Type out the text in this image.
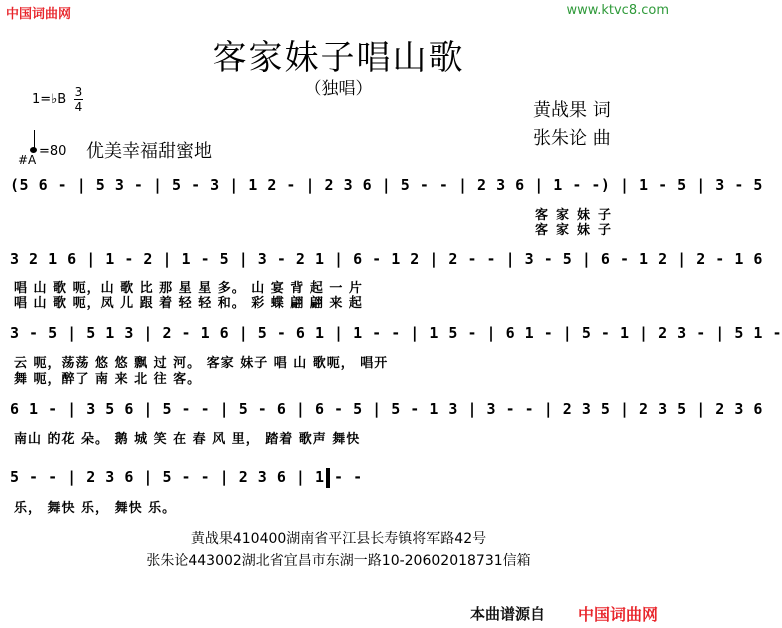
中国词曲网	www.ktvc8.com
客家妹子唱山歌
（独唱）
1=♭B 3
4	黄战果 词
张朱论 曲
=80 优美幸福甜蜜地
#A
(5 6 - | 5 3 - | 5 - 3 | 1 2 - | 2 3 6 | 5 - - | 2 3 6 | 1 - -) | 1 - 5 | 3 - 5
客家妹子
客家妹子
3 2 1 6 | 1 - 2 | 1 - 5 | 3 - 2 1 | 6 - 1 2 | 2 - - | 3 - 5 | 6 - 1 2 | 2 - 1 6
唱 山 歌 呃，山 歌 比 那 星 星 多。 山 宴 背 起 一 片
唱 山 歌 呃，凤 儿 跟 着 轻 轻 和。 彩 蝶 翩 翩 来 起
3 - 5 | 5 1 3 | 2 - 1 6 | 5 - 6 1 | 1 - - | 1 5 - | 6 1 - | 5 - 1 | 2 3 - | 5 1 -
云 呃，荡荡 悠 悠 飘 过 河。 客家 妹子 唱 山 歌呃， 唱开
舞 呃，醉了 南 来 北 往 客。
6 1 - | 3 5 6 | 5 - - | 5 - 6 | 6 - 5 | 5 - 1 3 | 3 - - | 2 3 5 | 2 3 5 | 2 3 6
南山 的花 朵。 鹅 城 笑 在 春 风 里， 踏着 歌声 舞快
5 - - | 2 3 6 | 5 - - | 2 3 6 | 1 - -
乐， 舞快 乐， 舞快 乐。
黄战果410400湖南省平江县长寿镇将军路42号
张朱论443002湖北省宜昌市东湖一路10-20602018731信箱
本曲谱源自 中国词曲网
